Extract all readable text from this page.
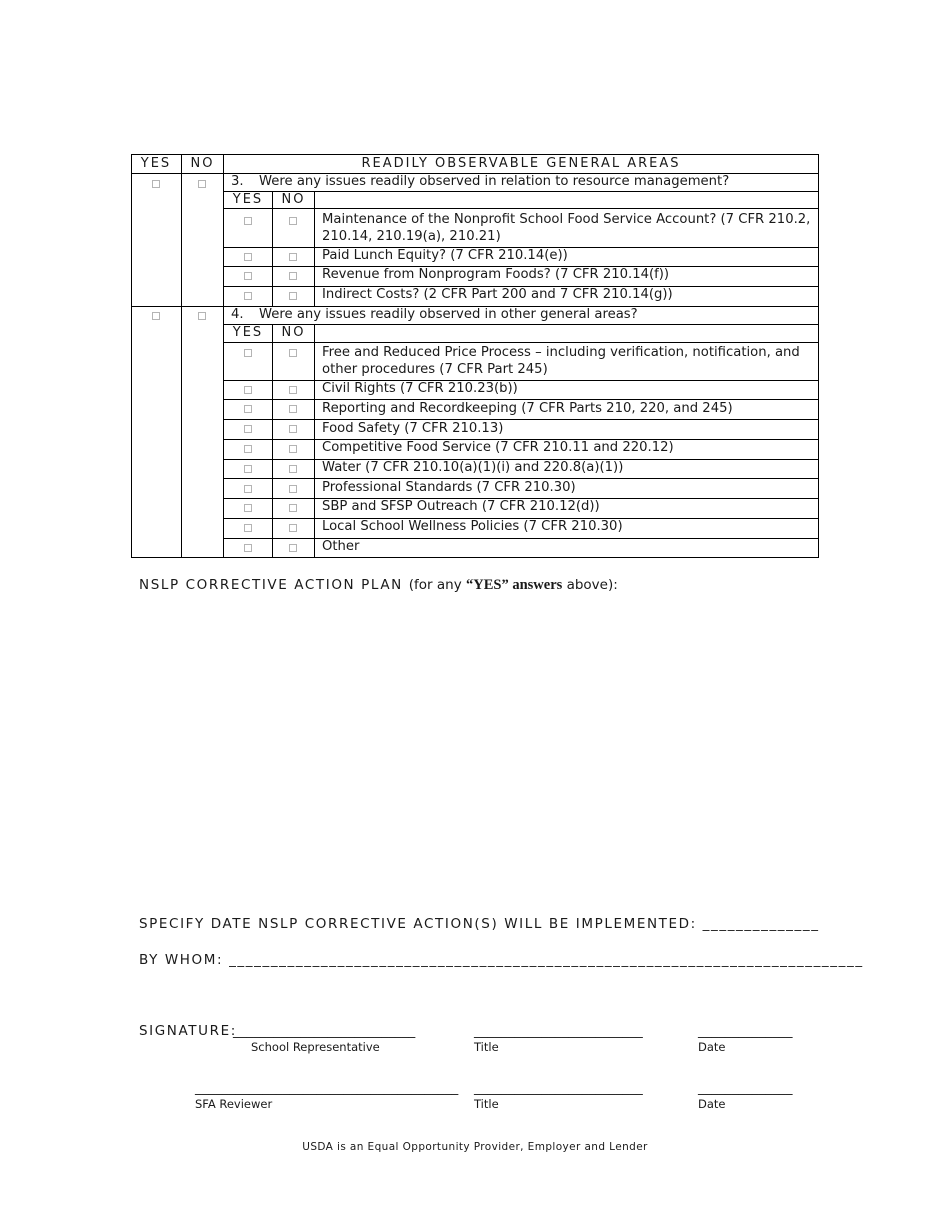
YES	NO	READILY OBSERVABLE GENERAL AREAS
3. Were any issues readily observed in relation to resource management?
YES	NO
Maintenance of the Nonprofit School Food Service Account? (7 CFR 210.2, 210.14, 210.19(a), 210.21)
Paid Lunch Equity? (7 CFR 210.14(e))
Revenue from Nonprogram Foods? (7 CFR 210.14(f))
Indirect Costs? (2 CFR Part 200 and 7 CFR 210.14(g))
4. Were any issues readily observed in other general areas?
YES	NO
Free and Reduced Price Process – including verification, notification, and other procedures (7 CFR Part 245)
Civil Rights (7 CFR 210.23(b))
Reporting and Recordkeeping (7 CFR Parts 210, 220, and 245)
Food Safety (7 CFR 210.13)
Competitive Food Service (7 CFR 210.11 and 220.12)
Water (7 CFR 210.10(a)(1)(i) and 220.8(a)(1))
Professional Standards (7 CFR 210.30)
SBP and SFSP Outreach (7 CFR 210.12(d))
Local School Wellness Policies (7 CFR 210.30)
Other
NSLP CORRECTIVE ACTION PLAN (for any “YES” answers above):
SPECIFY DATE NSLP CORRECTIVE ACTION(S) WILL BE IMPLEMENTED: ______________
BY WHOM: ____________________________________________________________________________
SIGNATURE:
___________________________	_________________________	______________
School Representative	Title	Date
_______________________________________ _________________________	______________
SFA Reviewer	Title	Date
USDA is an Equal Opportunity Provider, Employer and Lender
